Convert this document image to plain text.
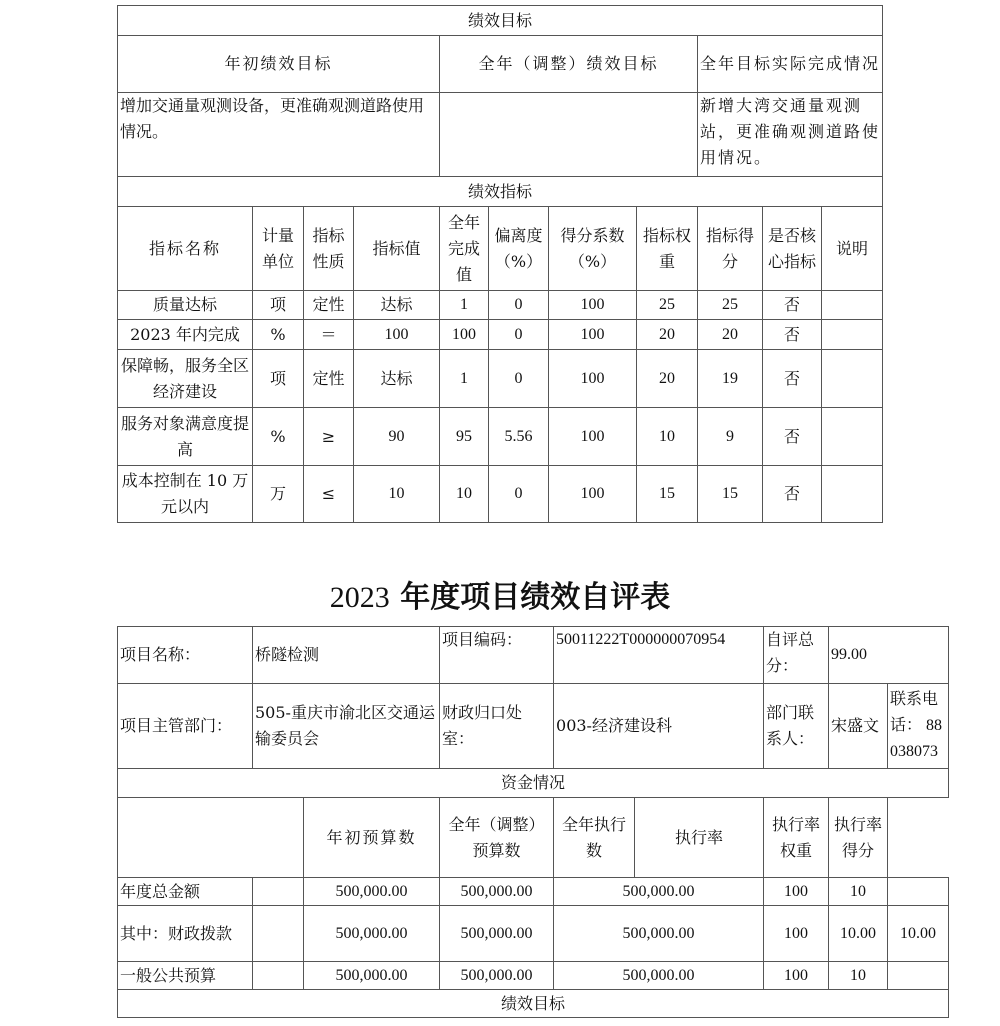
绩效目标										
年初绩效目标				全年（调整）绩效目标				全年目标实际完成情况		
增加交通量观测设备，更准确观测道路使用情况。								新增大湾交通量观测站，更准确观测道路使用情况。		
绩效指标										
指标名称	计量单位	指标性质	指标值	全年完成值	偏离度（%）	得分系数（%）	指标权重	指标得分	是否核心指标	说明
质量达标	项	定性	达标	1	0	100	25	25	否	
2023 年内完成	%	＝	100	100	0	100	20	20	否	
保障畅，服务全区经济建设	项	定性	达标	1	0	100	20	19	否	
服务对象满意度提高	%	≥	90	95	5.56	100	10	9	否	
成本控制在 10 万元以内	万	≤	10	10	0	100	15	15	否	
2023 年度项目绩效自评表
项目名称：	桥隧检测		项目编码：	50011222T000000070954		自评总分：	99.00	
项目主管部门：	505-重庆市渝北区交通运输委员会		财政归口处室：	003-经济建设科		部门联系人：	宋盛文	联系电话： 88038073
资金情况								
		年初预算数	全年（调整）预算数	全年执行数	执行率	执行率权重	执行率得分
年度总金额		500,000.00	500,000.00	500,000.00		100	10	
其中：财政拨款		500,000.00	500,000.00	500,000.00		100	10.00	10.00
一般公共预算		500,000.00	500,000.00	500,000.00		100	10	
绩效目标								
